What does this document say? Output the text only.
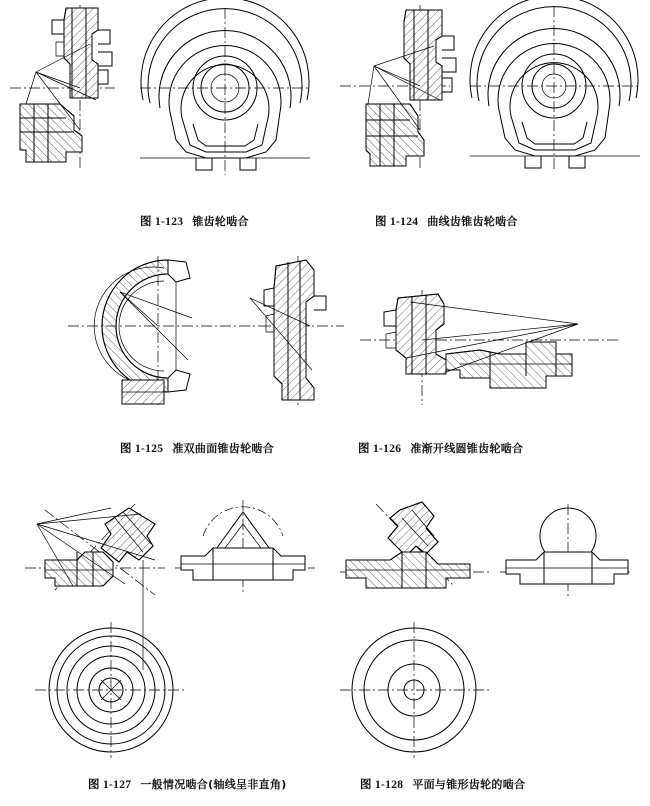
图 1-123 锥齿轮啮合	图 1-124 曲线齿锥齿轮啮合
图 1-125 准双曲面锥齿轮啮合	图 1-126 准渐开线圆锥齿轮啮合
图 1-127 一般情况啮合(轴线呈非直角)	图 1-128 平面与锥形齿轮的啮合
